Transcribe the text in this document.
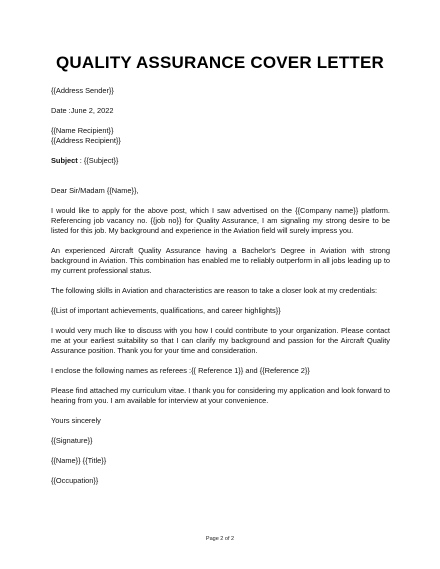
QUALITY ASSURANCE COVER LETTER

{{Address Sender}}

Date :June 2, 2022

{{Name Recipient}}

{{Address Recipient}}

Subject : {{Subject}}

Dear Sir/Madam {{Name}},

I would like to apply for the above post, which I saw advertised on the {{Company name}} platform. Referencing job vacancy no. {{job no}} for Quality Assurance, I am signaling my strong desire to be listed for this job. My background and experience in the Aviation field will surely impress you.

An experienced Aircraft Quality Assurance having a Bachelor's Degree in Aviation with strong background in Aviation. This combination has enabled me to reliably outperform in all jobs leading up to my current professional status.

The following skills in Aviation and characteristics are reason to take a closer look at my credentials:

{{List of important achievements, qualifications, and career highlights}}

I would very much like to discuss with you how I could contribute to your organization. Please contact me at your earliest suitability so that I can clarify my background and passion for the Aircraft Quality Assurance position. Thank you for your time and consideration.

I enclose the following names as referees :{{ Reference 1}} and {{Reference 2}}

Please find attached my curriculum vitae. I thank you for considering my application and look forward to hearing from you. I am available for interview at your convenience.

Yours sincerely

{{Signature}}

{{Name}} {{Title}}

{{Occupation}}

Page 2 of 2
